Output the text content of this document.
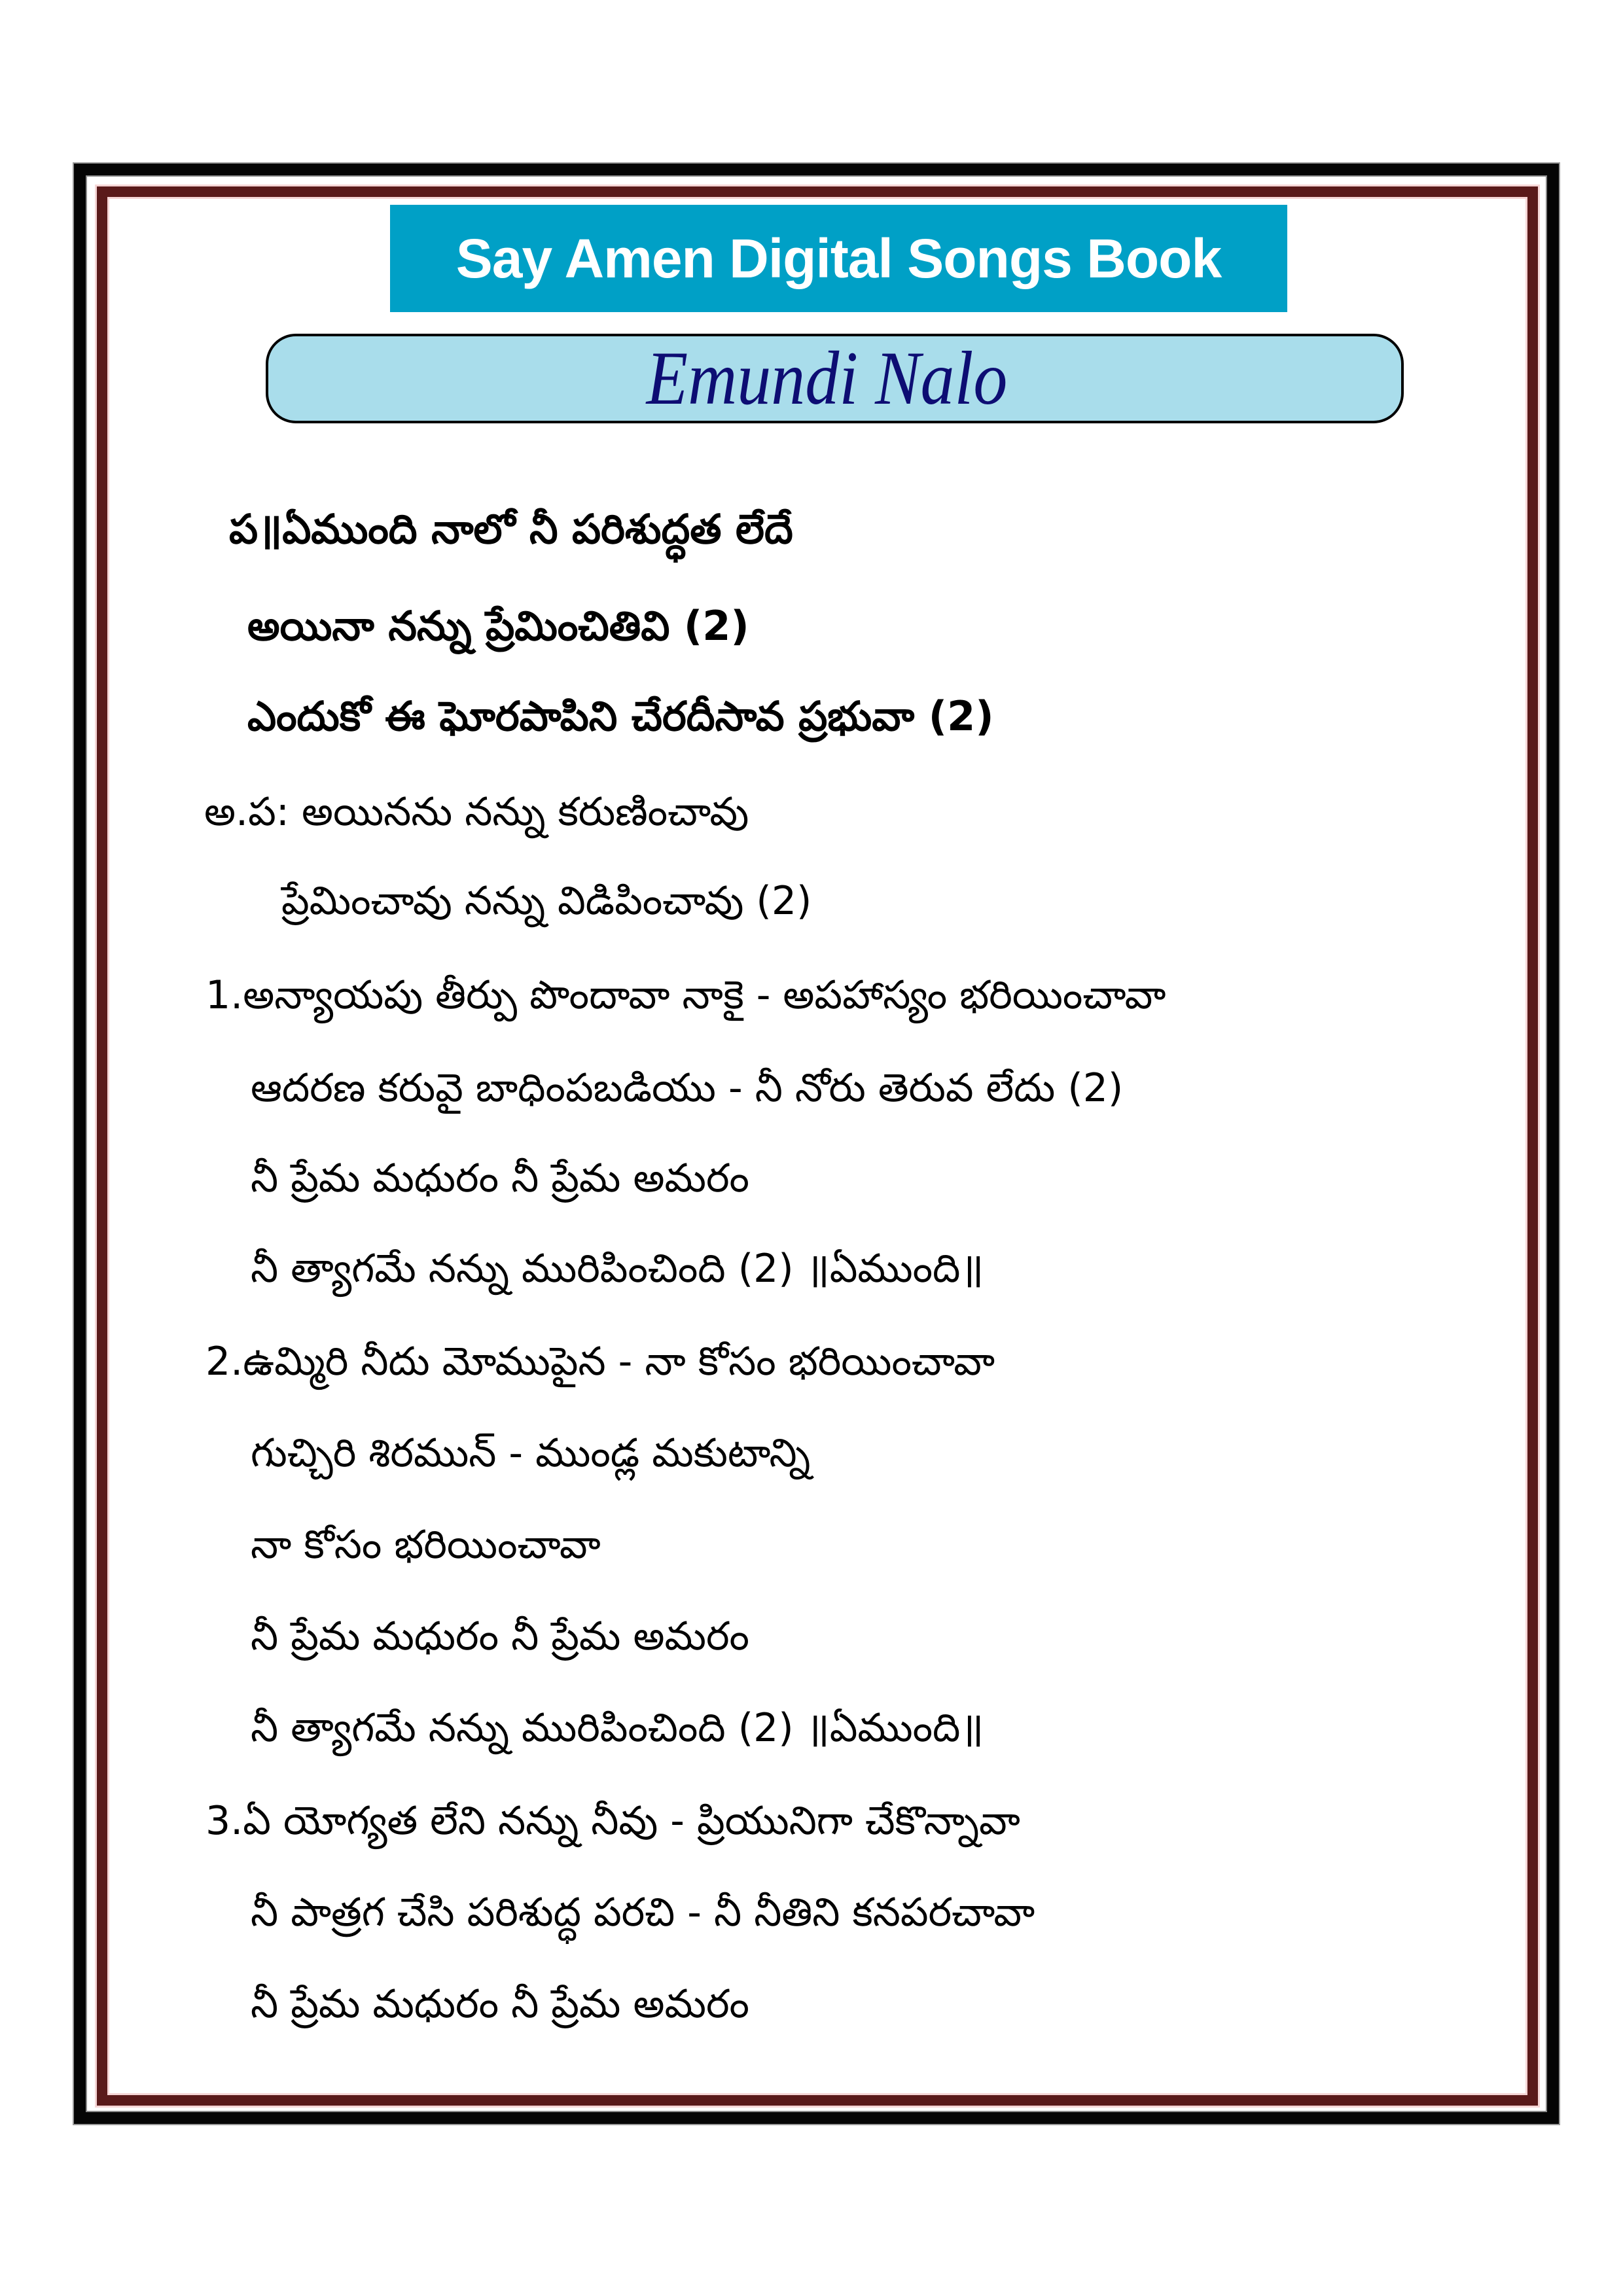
Say Amen Digital Songs Book
Emundi Nalo
ప॥ఏముంది నాలో నీ పరిశుద్ధత లేదే
అయినా నన్ను ప్రేమించితివి (2)
ఎందుకో ఈ ఘోరపాపిని చేరదీసావ ప్రభువా (2)
అ.ప: అయినను నన్ను కరుణించావు
ప్రేమించావు నన్ను విడిపించావు (2)
1.అన్యాయపు తీర్పు పొందావా నాకై - అపహాస్యం భరియించావా
ఆదరణ కరువై బాధింపబడియు - నీ నోరు తెరువ లేదు (2)
నీ ప్రేమ మధురం నీ ప్రేమ అమరం
నీ త్యాగమే నన్ను మురిపించింది (2) ॥ఏముంది॥
2.ఉమ్మిరి నీదు మోముపైన - నా కోసం భరియించావా
గుచ్చిరి శిరమున్ - ముండ్ల మకుటాన్ని
నా కోసం భరియించావా
నీ ప్రేమ మధురం నీ ప్రేమ అమరం
నీ త్యాగమే నన్ను మురిపించింది (2) ॥ఏముంది॥
3.ఏ యోగ్యత లేని నన్ను నీవు - ప్రియునిగా చేకొన్నావా
నీ పాత్రగ చేసి పరిశుద్ధ పరచి - నీ నీతిని కనపరచావా
నీ ప్రేమ మధురం నీ ప్రేమ అమరం
